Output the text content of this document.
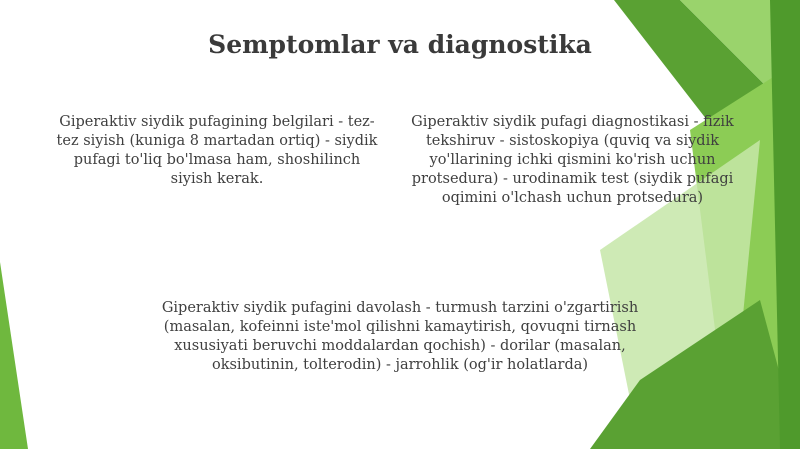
Semptomlar va diagnostika
Giperaktiv siydik pufagining belgilari - tez-tez siyish (kuniga 8 martadan ortiq) - siydik pufagi to'liq bo'lmasa ham, shoshilinch siyish kerak.
Giperaktiv siydik pufagi diagnostikasi - fizik tekshiruv - sistoskopiya (quviq va siydik yo'llarining ichki qismini ko'rish uchun protsedura) - urodinamik test (siydik pufagi oqimini o'lchash uchun protsedura)
Giperaktiv siydik pufagini davolash - turmush tarzini o'zgartirish (masalan, kofeinni iste'mol qilishni kamaytirish, qovuqni tirnash xususiyati beruvchi moddalardan qochish) - dorilar (masalan, oksibutinin, tolterodin) - jarrohlik (og'ir holatlarda)
